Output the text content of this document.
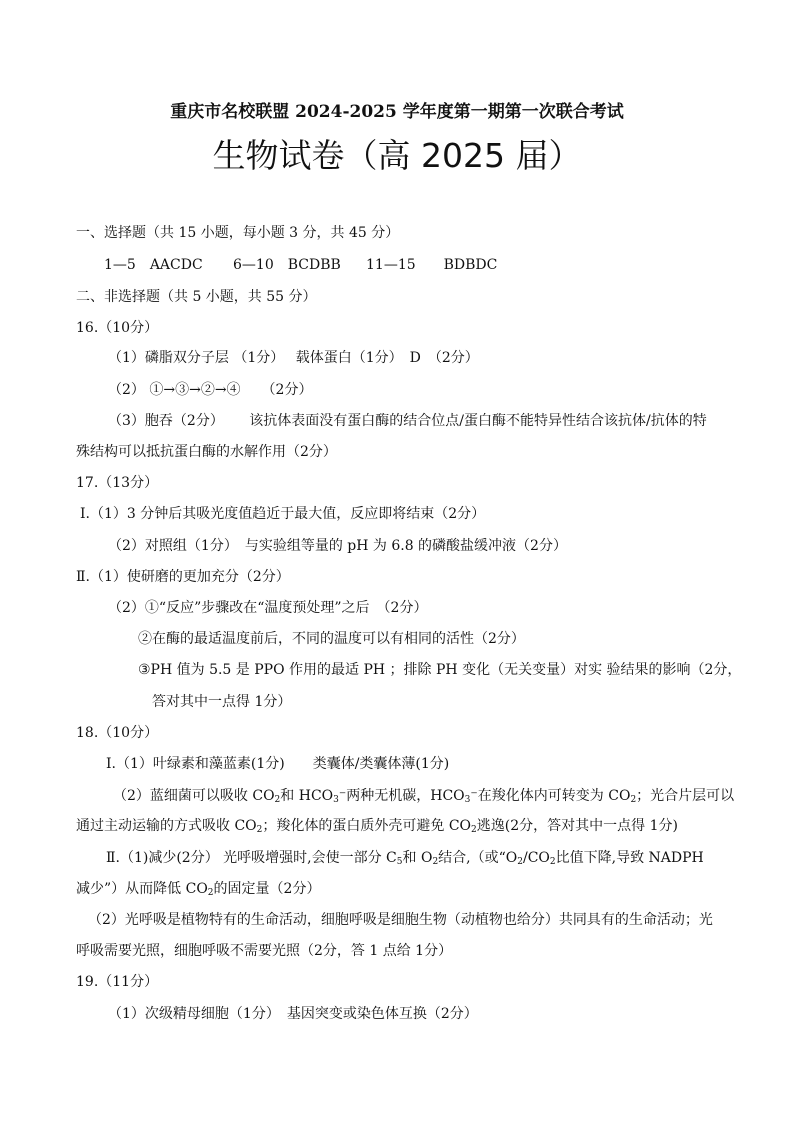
重庆市名校联盟 2024-2025 学年度第一期第一次联合考试
生物试卷（高 2025 届）
一、选择题（共 15 小题，每小题 3 分，共 45 分）
1—5　AACDC 6—10　BCDBB 11—15　　BDBDC
二、非选择题（共 5 小题，共 55 分）
16.（10分）
（1）磷脂双分子层 （1分）　 载体蛋白（1分）　D　（2分）
（2） ①→③→②→④　　（2分）
（3）胞吞（2分）　　 该抗体表面没有蛋白酶的结合位点/蛋白酶不能特异性结合该抗体/抗体的特
殊结构可以抵抗蛋白酶的水解作用（2分）
17.（13分）
Ⅰ.（1）3 分钟后其吸光度值趋近于最大值，反应即将结束（2分）
（2）对照组（1分）　与实验组等量的 pH 为 6.8 的磷酸盐缓冲液（2分）
Ⅱ.（1）使研磨的更加充分（2分）
（2）①“反应”步骤改在“温度预处理”之后　（2分）
②在酶的最适温度前后，不同的温度可以有相同的活性（2分）
③PH 值为 5.5 是 PPO 作用的最适 PH ；排除 PH 变化（无关变量）对实 验结果的影响（2分，
答对其中一点得 1分）
18.（10分）
Ⅰ.（1）叶绿素和藻蓝素(1分)　　类囊体/类囊体薄(1分)
（2）蓝细菌可以吸收 $CO_2$和 $HCO_3^-$两种无机碳，$HCO_3^-$在羧化体内可转变为 $CO_2$；光合片层可以
通过主动运输的方式吸收 $CO_2$；羧化体的蛋白质外壳可避免 $CO_2$逃逸(2分，答对其中一点得 1分)
Ⅱ.（1)减少(2分） 光呼吸增强时,会使一部分 $C_5$和 $O_2$结合,（或“$O_2/CO_2$比值下降,导致 NADPH
减少”）从而降低 $CO_2$的固定量（2分）
（2）光呼吸是植物特有的生命活动，细胞呼吸是细胞生物（动植物也给分）共同具有的生命活动；光
呼吸需要光照，细胞呼吸不需要光照（2分，答 1 点给 1分）
19.（11分）
（1）次级精母细胞（1分）　基因突变或染色体互换（2分）
